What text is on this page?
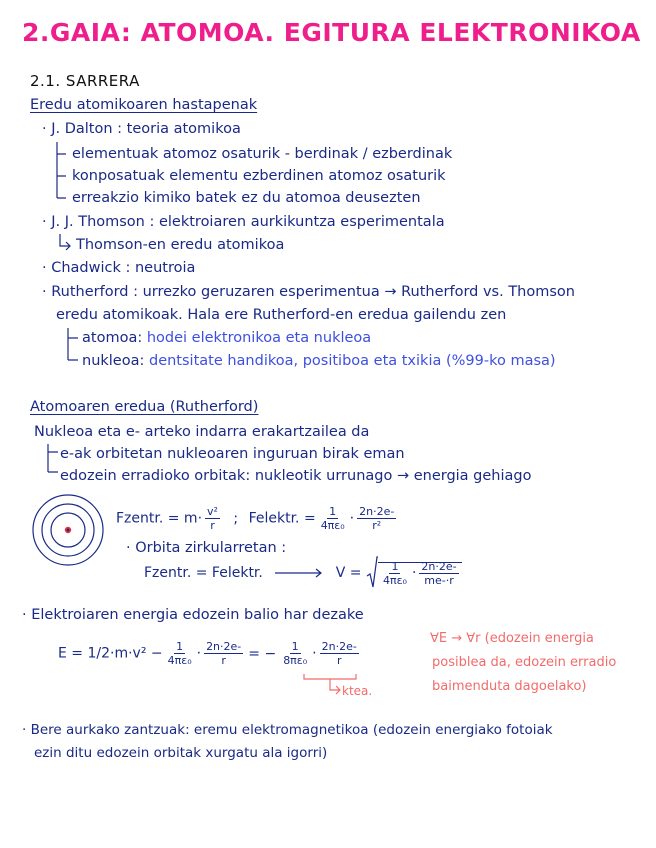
2.GAIA: ATOMOA. EGITURA ELEKTRONIKOA
2.1. SARRERA
Eredu atomikoaren hastapenak
· J. Dalton : teoria atomikoa
elementuak atomoz osaturik - berdinak / ezberdinak
konposatuak elementu ezberdinen atomoz osaturik
erreakzio kimiko batek ez du atomoa deusezten
· J. J. Thomson : elektroiaren aurkikuntza esperimentala
Thomson-en eredu atomikoa
· Chadwick : neutroia
· Rutherford : urrezko geruzaren esperimentua → Rutherford vs. Thomson
eredu atomikoak. Hala ere Rutherford-en eredua gailendu zen
atomoa: hodei elektronikoa eta nukleoa
nukleoa: dentsitate handikoa, positiboa eta txikia (%99-ko masa)
Atomoaren eredua (Rutherford)
Nukleoa eta e- arteko indarra erakartzailea da
e-ak orbitetan nukleoaren inguruan birak eman
edozein erradioko orbitak: nukleotik urrunago → energia gehiago
Fzentr. = $m\cdot \frac{\text{v²}}{r}$ ; Felektr. = $\frac{1}{\text{4πε₀}} \cdot \frac{2n\cdot 2e-}{\text{r²}}$
· Orbita zirkularretan :
Fzentr. = Felektr.	$V = \frac{1}{\text{4πε₀}} \cdot \frac{2n\cdot 2e-}{me-\cdot r}$
· Elektroiaren energia edozein balio har dezake
$E = 1/2\cdot m\cdot v^2 - \frac{1}{\text{4πε₀}} \cdot \frac{2n\cdot 2e-}{r}$ = − $\frac{1}{\text{8πε₀}} \cdot \frac{2n\cdot 2e-}{r}$
ktea.
∀E → ∀r (edozein energia
posiblea da, edozein erradio
baimenduta dagoelako)
· Bere aurkako zantzuak: eremu elektromagnetikoa (edozein energiako fotoiak
ezin ditu edozein orbitak xurgatu ala igorri)
